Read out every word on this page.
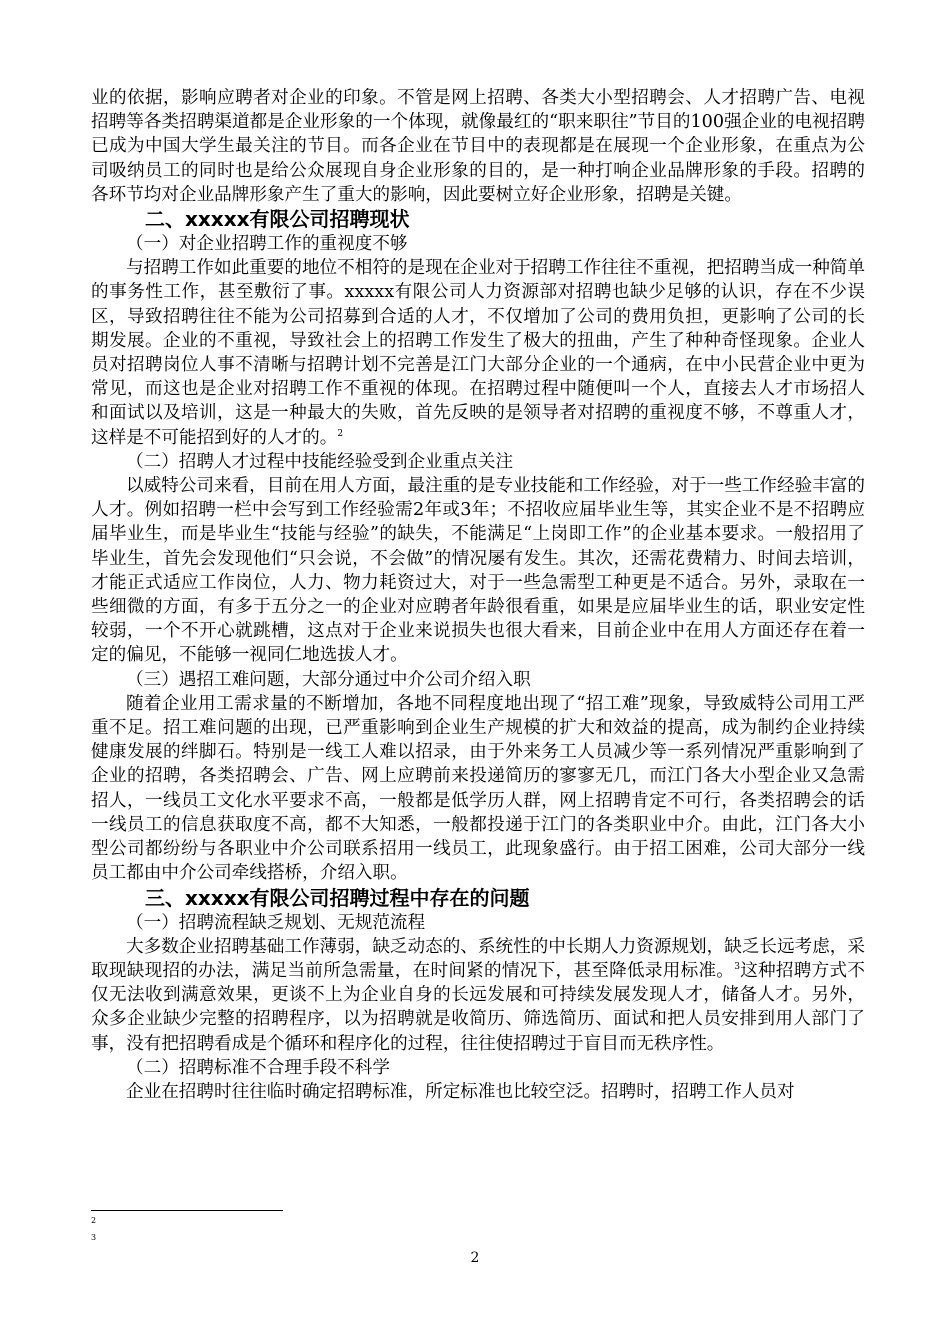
业的依据，影响应聘者对企业的印象。不管是网上招聘、各类大小型招聘会、人才招聘广告、电视招聘等各类招聘渠道都是企业形象的一个体现，就像最红的“职来职往”节目的100强企业的电视招聘已成为中国大学生最关注的节目。而各企业在节目中的表现都是在展现一个企业形象，在重点为公司吸纳员工的同时也是给公众展现自身企业形象的目的，是一种打响企业品牌形象的手段。招聘的各环节均对企业品牌形象产生了重大的影响，因此要树立好企业形象，招聘是关键。

二、xxxxx有限公司招聘现状

（一）对企业招聘工作的重视度不够

与招聘工作如此重要的地位不相符的是现在企业对于招聘工作往往不重视，把招聘当成一种简单的事务性工作，甚至敷衍了事。xxxxx有限公司人力资源部对招聘也缺少足够的认识，存在不少误区，导致招聘往往不能为公司招募到合适的人才，不仅增加了公司的费用负担，更影响了公司的长期发展。企业的不重视，导致社会上的招聘工作发生了极大的扭曲，产生了种种奇怪现象。企业人员对招聘岗位人事不清晰与招聘计划不完善是江门大部分企业的一个通病，在中小民营企业中更为常见，而这也是企业对招聘工作不重视的体现。在招聘过程中随便叫一个人，直接去人才市场招人和面试以及培训，这是一种最大的失败，首先反映的是领导者对招聘的重视度不够，不尊重人才，这样是不可能招到好的人才的。$^2$

（二）招聘人才过程中技能经验受到企业重点关注

以威特公司来看，目前在用人方面，最注重的是专业技能和工作经验，对于一些工作经验丰富的人才。例如招聘一栏中会写到工作经验需2年或3年；不招收应届毕业生等，其实企业不是不招聘应届毕业生，而是毕业生“技能与经验”的缺失，不能满足“上岗即工作”的企业基本要求。一般招用了毕业生，首先会发现他们“只会说，不会做”的情况屡有发生。其次，还需花费精力、时间去培训，才能正式适应工作岗位，人力、物力耗资过大，对于一些急需型工种更是不适合。另外，录取在一些细微的方面，有多于五分之一的企业对应聘者年龄很看重，如果是应届毕业生的话，职业安定性较弱，一个不开心就跳槽，这点对于企业来说损失也很大看来，目前企业中在用人方面还存在着一定的偏见，不能够一视同仁地选拔人才。

（三）遇招工难问题，大部分通过中介公司介绍入职

随着企业用工需求量的不断增加，各地不同程度地出现了“招工难”现象，导致威特公司用工严重不足。招工难问题的出现，已严重影响到企业生产规模的扩大和效益的提高，成为制约企业持续健康发展的绊脚石。特别是一线工人难以招录，由于外来务工人员减少等一系列情况严重影响到了企业的招聘，各类招聘会、广告、网上应聘前来投递简历的寥寥无几，而江门各大小型企业又急需招人，一线员工文化水平要求不高，一般都是低学历人群，网上招聘肯定不可行，各类招聘会的话一线员工的信息获取度不高，都不大知悉，一般都投递于江门的各类职业中介。由此，江门各大小型公司都纷纷与各职业中介公司联系招用一线员工，此现象盛行。由于招工困难，公司大部分一线员工都由中介公司牵线搭桥，介绍入职。

三、xxxxx有限公司招聘过程中存在的问题

（一）招聘流程缺乏规划、无规范流程

大多数企业招聘基础工作薄弱，缺乏动态的、系统性的中长期人力资源规划，缺乏长远考虑，采取现缺现招的办法，满足当前所急需量，在时间紧的情况下，甚至降低录用标准。$^3$这种招聘方式不仅无法收到满意效果，更谈不上为企业自身的长远发展和可持续发展发现人才，储备人才。另外，众多企业缺少完整的招聘程序，以为招聘就是收简历、筛选简历、面试和把人员安排到用人部门了事，没有把招聘看成是个循环和程序化的过程，往往使招聘过于盲目而无秩序性。

（二）招聘标准不合理手段不科学

企业在招聘时往往临时确定招聘标准，所定标准也比较空泛。招聘时，招聘工作人员对

2
3
2
